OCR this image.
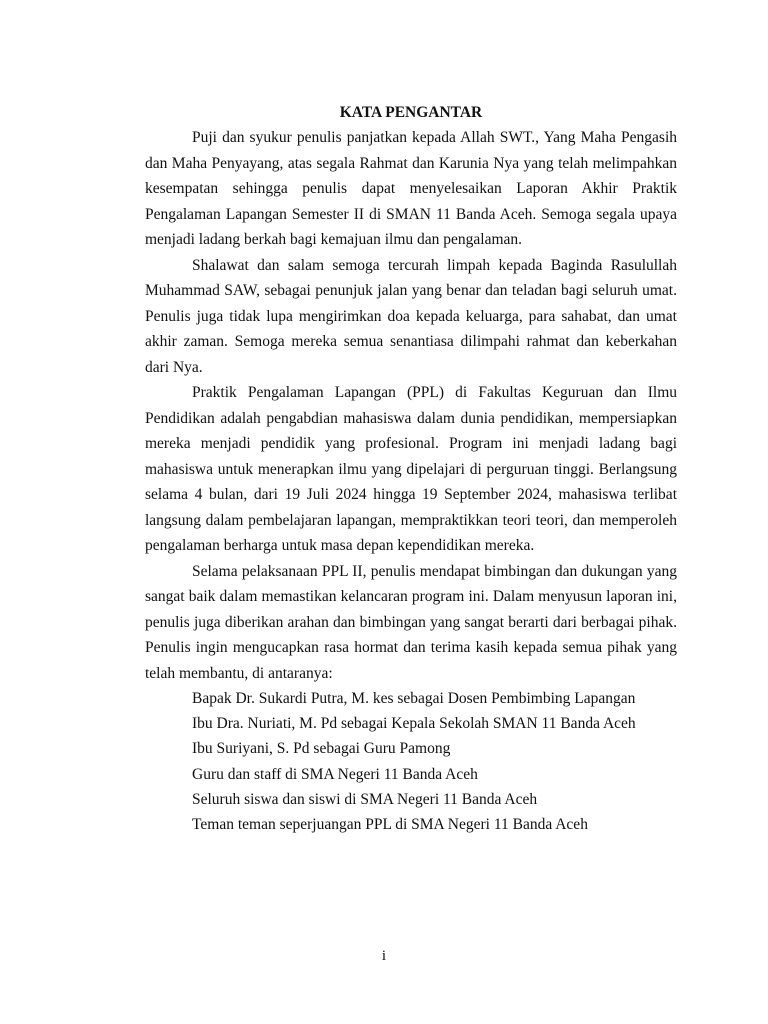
KATA PENGANTAR

Puji dan syukur penulis panjatkan kepada Allah SWT., Yang Maha Pengasih dan Maha Penyayang, atas segala Rahmat dan Karunia Nya yang telah melimpahkan kesempatan sehingga penulis dapat menyelesaikan Laporan Akhir Praktik Pengalaman Lapangan Semester II di SMAN 11 Banda Aceh. Semoga segala upaya menjadi ladang berkah bagi kemajuan ilmu dan pengalaman.

Shalawat dan salam semoga tercurah limpah kepada Baginda Rasulullah Muhammad SAW, sebagai penunjuk jalan yang benar dan teladan bagi seluruh umat. Penulis juga tidak lupa mengirimkan doa kepada keluarga, para sahabat, dan umat akhir zaman. Semoga mereka semua senantiasa dilimpahi rahmat dan keberkahan dari Nya.

Praktik Pengalaman Lapangan (PPL) di Fakultas Keguruan dan Ilmu Pendidikan adalah pengabdian mahasiswa dalam dunia pendidikan, mempersiapkan mereka menjadi pendidik yang profesional. Program ini menjadi ladang bagi mahasiswa untuk menerapkan ilmu yang dipelajari di perguruan tinggi. Berlangsung selama 4 bulan, dari 19 Juli 2024 hingga 19 September 2024, mahasiswa terlibat langsung dalam pembelajaran lapangan, mempraktikkan teori teori, dan memperoleh pengalaman berharga untuk masa depan kependidikan mereka.

Selama pelaksanaan PPL II, penulis mendapat bimbingan dan dukungan yang sangat baik dalam memastikan kelancaran program ini. Dalam menyusun laporan ini, penulis juga diberikan arahan dan bimbingan yang sangat berarti dari berbagai pihak. Penulis ingin mengucapkan rasa hormat dan terima kasih kepada semua pihak yang telah membantu, di antaranya:

Bapak Dr. Sukardi Putra, M. kes sebagai Dosen Pembimbing Lapangan
Ibu Dra. Nuriati, M. Pd sebagai Kepala Sekolah SMAN 11 Banda Aceh
Ibu Suriyani, S. Pd sebagai Guru Pamong
Guru dan staff di SMA Negeri 11 Banda Aceh
Seluruh siswa dan siswi di SMA Negeri 11 Banda Aceh
Teman teman seperjuangan PPL di SMA Negeri 11 Banda Aceh
i
